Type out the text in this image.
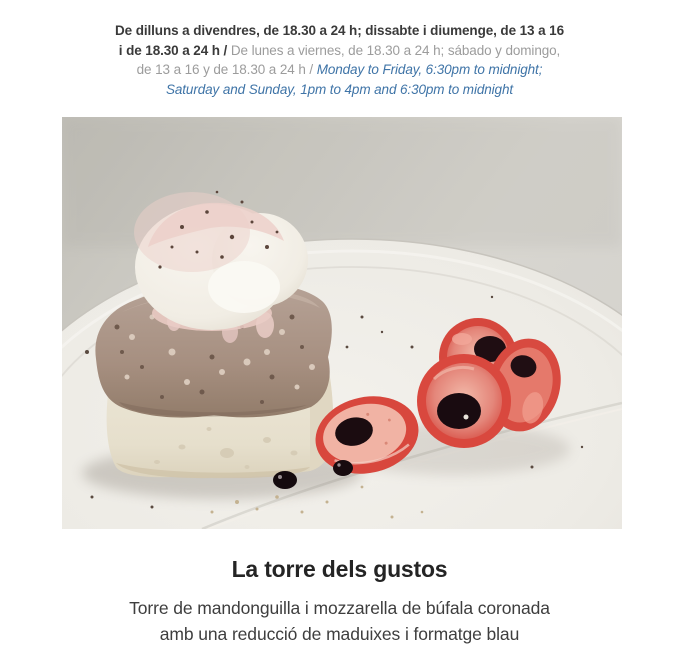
De dilluns a divendres, de 18.30 a 24 h; dissabte i diumenge, de 13 a 16
i de 18.30 a 24 h / De lunes a viernes, de 18.30 a 24 h; sábado y domingo,
de 13 a 16 y de 18.30 a 24 h / Monday to Friday, 6:30pm to midnight;
Saturday and Sunday, 1pm to 4pm and 6:30pm to midnight
La torre dels gustos
Torre de mandonguilla i mozzarella de búfala coronada
amb una reducció de maduixes i formatge blau
